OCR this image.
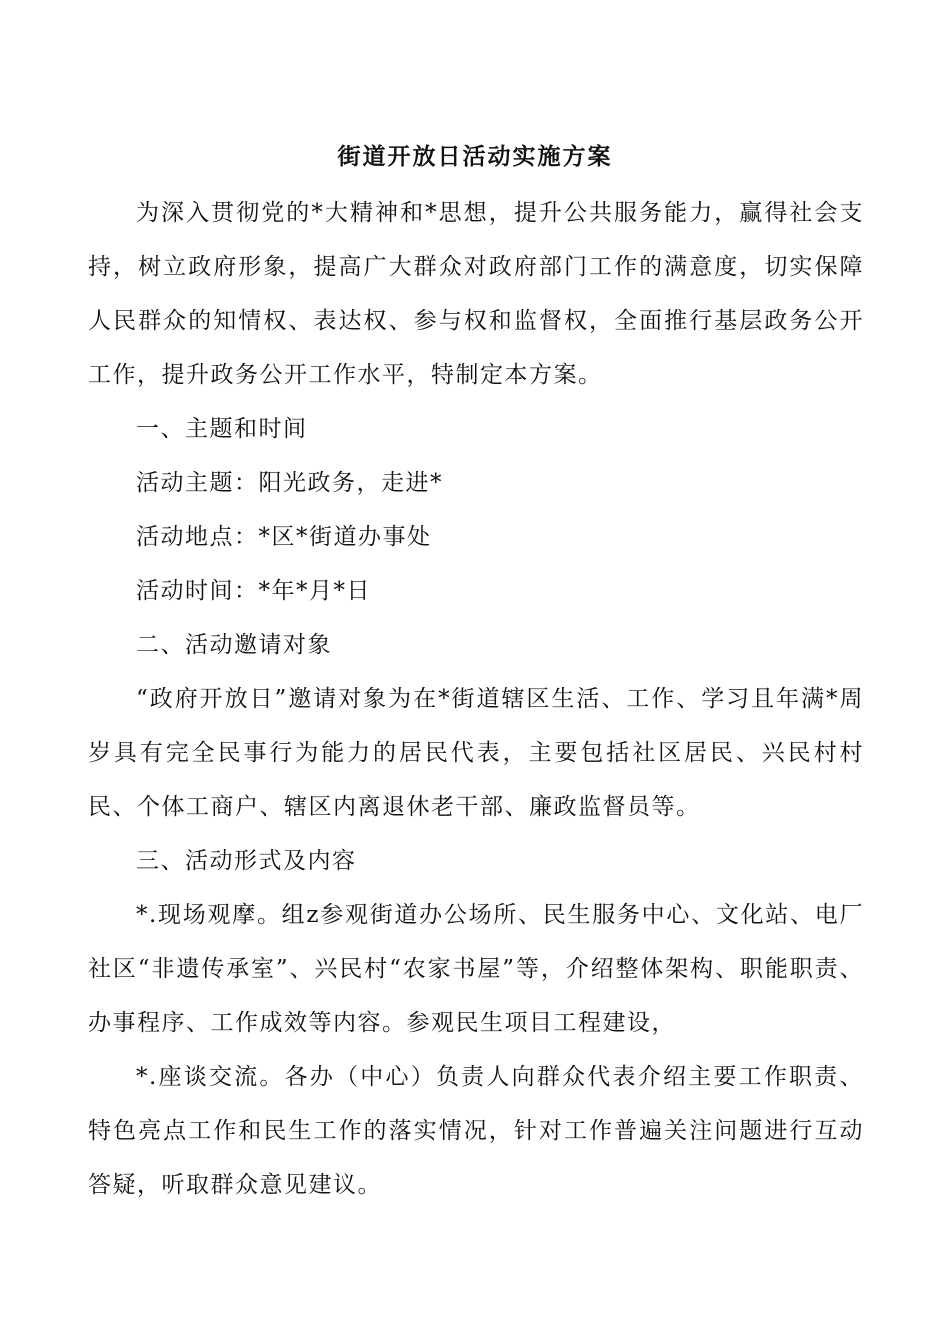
街道开放日活动实施方案

为深入贯彻党的*大精神和*思想，提升公共服务能力，赢得社会支持，树立政府形象，提高广大群众对政府部门工作的满意度，切实保障人民群众的知情权、表达权、参与权和监督权，全面推行基层政务公开工作，提升政务公开工作水平，特制定本方案。

一、主题和时间

活动主题：阳光政务，走进*

活动地点：*区*街道办事处

活动时间：*年*月*日

二、活动邀请对象

“政府开放日”邀请对象为在*街道辖区生活、工作、学习且年满*周岁具有完全民事行为能力的居民代表，主要包括社区居民、兴民村村民、个体工商户、辖区内离退休老干部、廉政监督员等。

三、活动形式及内容

*.现场观摩。组z参观街道办公场所、民生服务中心、文化站、电厂社区“非遗传承室”、兴民村“农家书屋”等，介绍整体架构、职能职责、办事程序、工作成效等内容。参观民生项目工程建设，

*.座谈交流。各办（中心）负责人向群众代表介绍主要工作职责、特色亮点工作和民生工作的落实情况，针对工作普遍关注问题进行互动答疑，听取群众意见建议。
